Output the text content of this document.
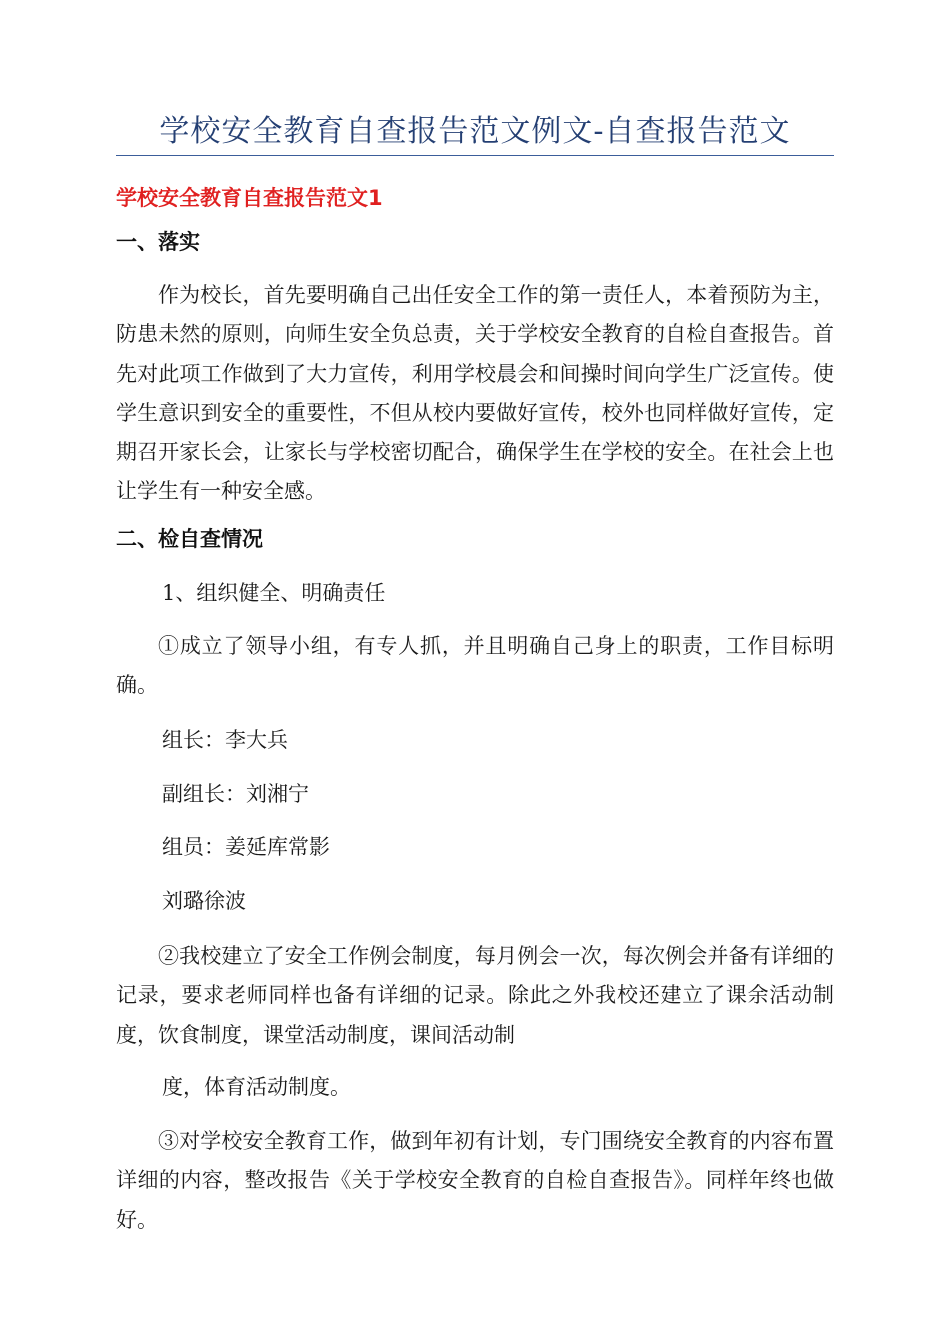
学校安全教育自查报告范文例文-自查报告范文
学校安全教育自查报告范文1
一、落实

作为校长，首先要明确自己出任安全工作的第一责任人，本着预防为主，防患未然的原则，向师生安全负总责，关于学校安全教育的自检自查报告。首先对此项工作做到了大力宣传，利用学校晨会和间操时间向学生广泛宣传。使学生意识到安全的重要性，不但从校内要做好宣传，校外也同样做好宣传，定期召开家长会，让家长与学校密切配合，确保学生在学校的安全。在社会上也让学生有一种安全感。

二、检自查情况
1、组织健全、明确责任

①成立了领导小组，有专人抓，并且明确自己身上的职责，工作目标明确。

组长：李大兵
副组长：刘湘宁
组员：姜延库常影
刘璐徐波

②我校建立了安全工作例会制度，每月例会一次，每次例会并备有详细的记录，要求老师同样也备有详细的记录。除此之外我校还建立了课余活动制度，饮食制度，课堂活动制度，课间活动制

度，体育活动制度。

③对学校安全教育工作，做到年初有计划，专门围绕安全教育的内容布置详细的内容，整改报告《关于学校安全教育的自检自查报告》。同样年终也做好。
